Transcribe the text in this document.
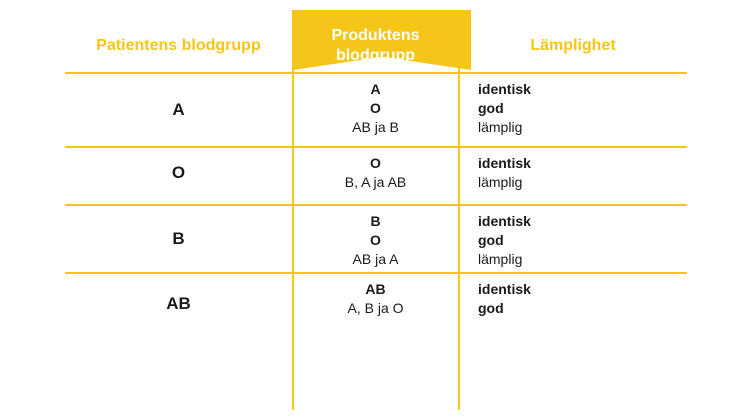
Patientens blodgrupp
Produktens blodgrupp
Lämplighet
A
A
O
AB ja B
identisk
god
lämplig
O	O
B, A ja AB
identisk
lämplig
B
B
O
AB ja A
identisk
god
lämplig
AB
AB
A, B ja O
identisk
god
